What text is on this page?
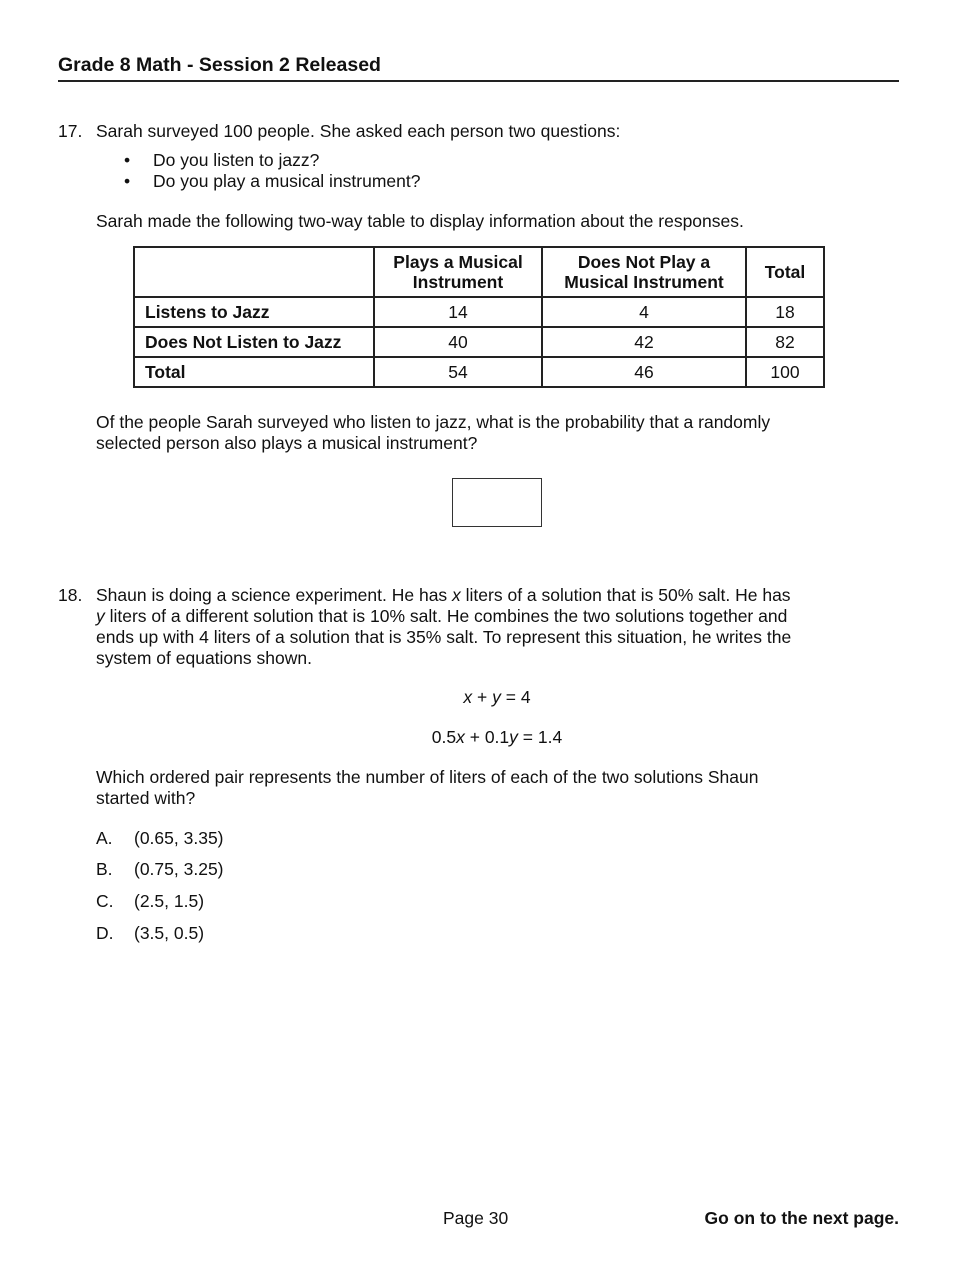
Grade 8 Math - Session 2 Released
17. Sarah surveyed 100 people. She asked each person two questions:
• Do you listen to jazz?
• Do you play a musical instrument?
Sarah made the following two-way table to display information about the responses.
	Plays a Musical Instrument	Does Not Play a Musical Instrument	Total
Listens to Jazz	14	4	18
Does Not Listen to Jazz	40	42	82
Total	54	46	100
Of the people Sarah surveyed who listen to jazz, what is the probability that a randomly
selected person also plays a musical instrument?
18. Shaun is doing a science experiment. He has x liters of a solution that is 50% salt. He has
y liters of a different solution that is 10% salt. He combines the two solutions together and
ends up with 4 liters of a solution that is 35% salt. To represent this situation, he writes the
system of equations shown.
x + y = 4
0.5x + 0.1y = 1.4
Which ordered pair represents the number of liters of each of the two solutions Shaun
started with?
A. (0.65, 3.35)
B. (0.75, 3.25)
C. (2.5, 1.5)
D. (3.5, 0.5)
Page 30	Go on to the next page.
